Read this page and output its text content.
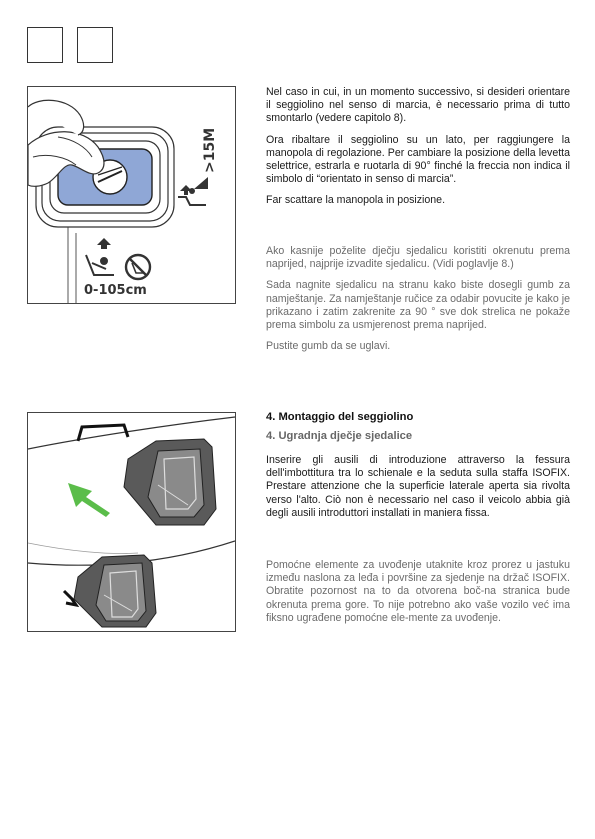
>15M
0-105cm

Nel caso in cui, in un momento successivo, si desideri orientare il seggiolino nel senso di marcia, è necessario prima di tutto smontarlo (vedere capitolo 8).

Ora ribaltare il seggiolino su un lato, per raggiungere la manopola di regolazione. Per cambiare la posizione della levetta selettrice, estrarla e ruotarla di 90° finché la freccia non indica il simbolo di “orientato in senso di marcia”.

Far scattare la manopola in posizione.

Ako kasnije poželite dječju sjedalicu koristiti okrenutu prema naprijed, najprije izvadite sjedalicu. (Vidi poglavlje 8.)

Sada nagnite sjedalicu na stranu kako biste dosegli gumb za namještanje. Za namještanje ručice za odabir povucite je kako je prikazano i zatim zakrenite za 90 ° sve dok strelica ne pokaže prema simbolu za usmjerenost prema naprijed.

Pustite gumb da se uglavi.

4. Montaggio del seggiolino
4. Ugradnja dječje sjedalice

Inserire gli ausili di introduzione attraverso la fessura dell'imbottitura tra lo schienale e la seduta sulla staffa ISOFIX. Prestare attenzione che la superficie laterale aperta sia rivolta verso l'alto. Ciò non è necessario nel caso il veicolo abbia già degli ausili introduttori installati in maniera fissa.

Pomoćne elemente za uvođenje utaknite kroz prorez u jastuku između naslona za leđa i površine za sjedenje na držač ISOFIX. Obratite pozornost na to da otvorena boč-na stranica bude okrenuta prema gore. To nije potrebno ako vaše vozilo već ima fiksno ugrađene pomoćne ele-mente za uvođenje.
